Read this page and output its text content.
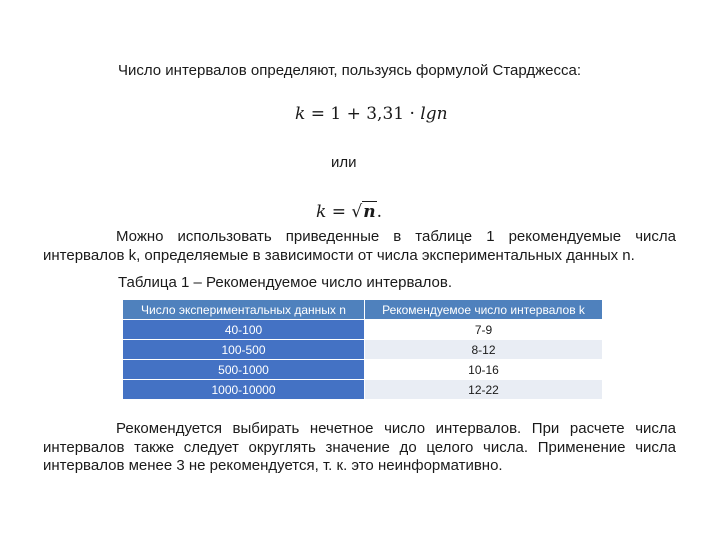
Число интервалов определяют, пользуясь формулой Старджесса:
k = 1 + 3,31 · lgn
или
k = √n.

Можно использовать приведенные в таблице 1 рекомендуемые числа интервалов k, определяемые в зависимости от числа экспериментальных данных n.

Таблица 1 – Рекомендуемое число интервалов.
Число экспериментальных данных n	Рекомендуемое число интервалов k
40-100	7-9
100-500	8-12
500-1000	10-16
1000-10000	12-22

Рекомендуется выбирать нечетное число интервалов. При расчете числа интервалов также следует округлять значение до целого числа. Применение числа интервалов менее 3 не рекомендуется, т. к. это неинформативно.
